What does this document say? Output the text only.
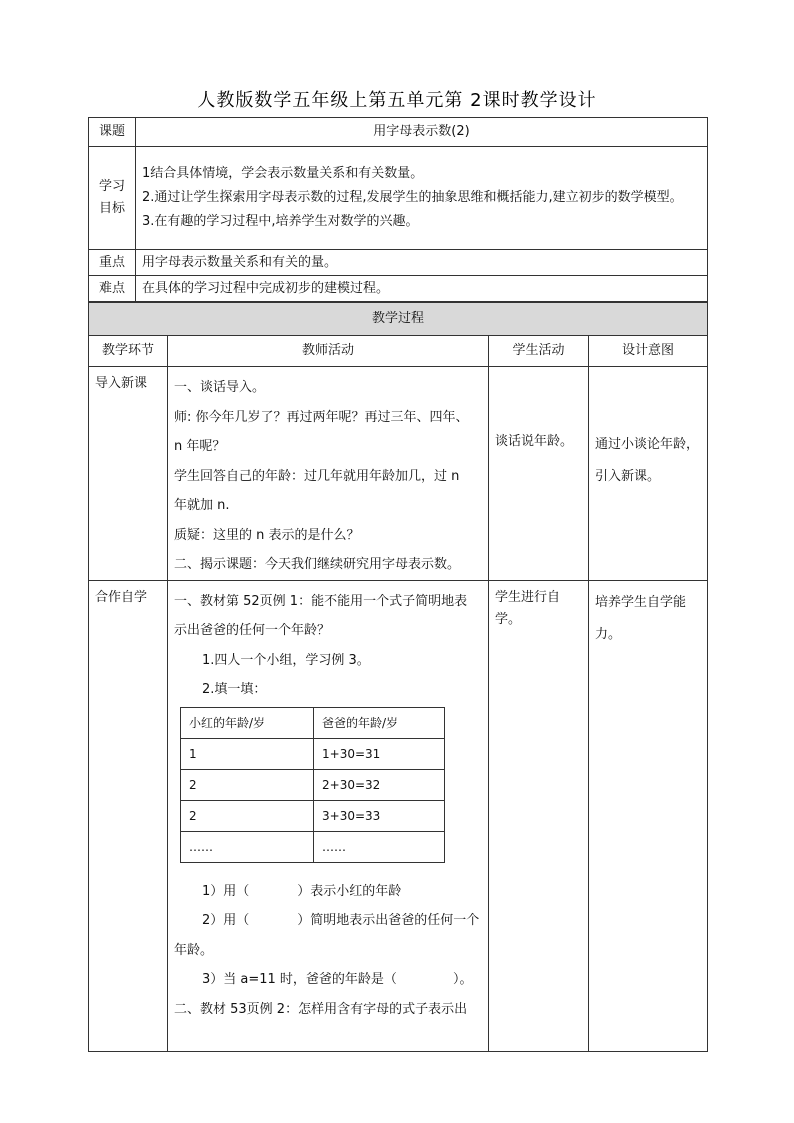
人教版数学五年级上第五单元第 2课时教学设计
课题	用字母表示数(2)
学习目标	1结合具体情境，学会表示数量关系和有关数量。
2.通过让学生探索用字母表示数的过程,发展学生的抽象思维和概括能力,建立初步的数学模型。
3.在有趣的学习过程中,培养学生对数学的兴趣。

重点	用字母表示数量关系和有关的量。
难点	在具体的学习过程中完成初步的建模过程。
教学过程
教学环节	教师活动	学生活动	设计意图
导入新课	一、谈话导入。

师: 你今年几岁了？再过两年呢？再过三年、四年、

n 年呢？

学生回答自己的年龄：过几年就用年龄加几，过 n

年就加 n.

质疑：这里的 n 表示的是什么？

二、揭示课题：今天我们继续研究用字母表示数。

	谈话说年龄。	通过小谈论年龄，
引入新课。

合作自学	一、教材第 52页例 1：能不能用一个式子简明地表

示出爸爸的任何一个年龄？

1.四人一个小组，学习例 3。

2.填一填：

小红的年龄/岁	爸爸的年龄/岁
1	1+30=31
2	2+30=32
2	3+30=33
……	……

1）用（	）表示小红的年龄

2）用（	）简明地表示出爸爸的任何一个

年龄。

3）当 a=11 时，爸爸的年龄是（	）。

二、教材 53页例 2：怎样用含有字母的式子表示出

	学生进行自学。	
培养学生自学能
力。
